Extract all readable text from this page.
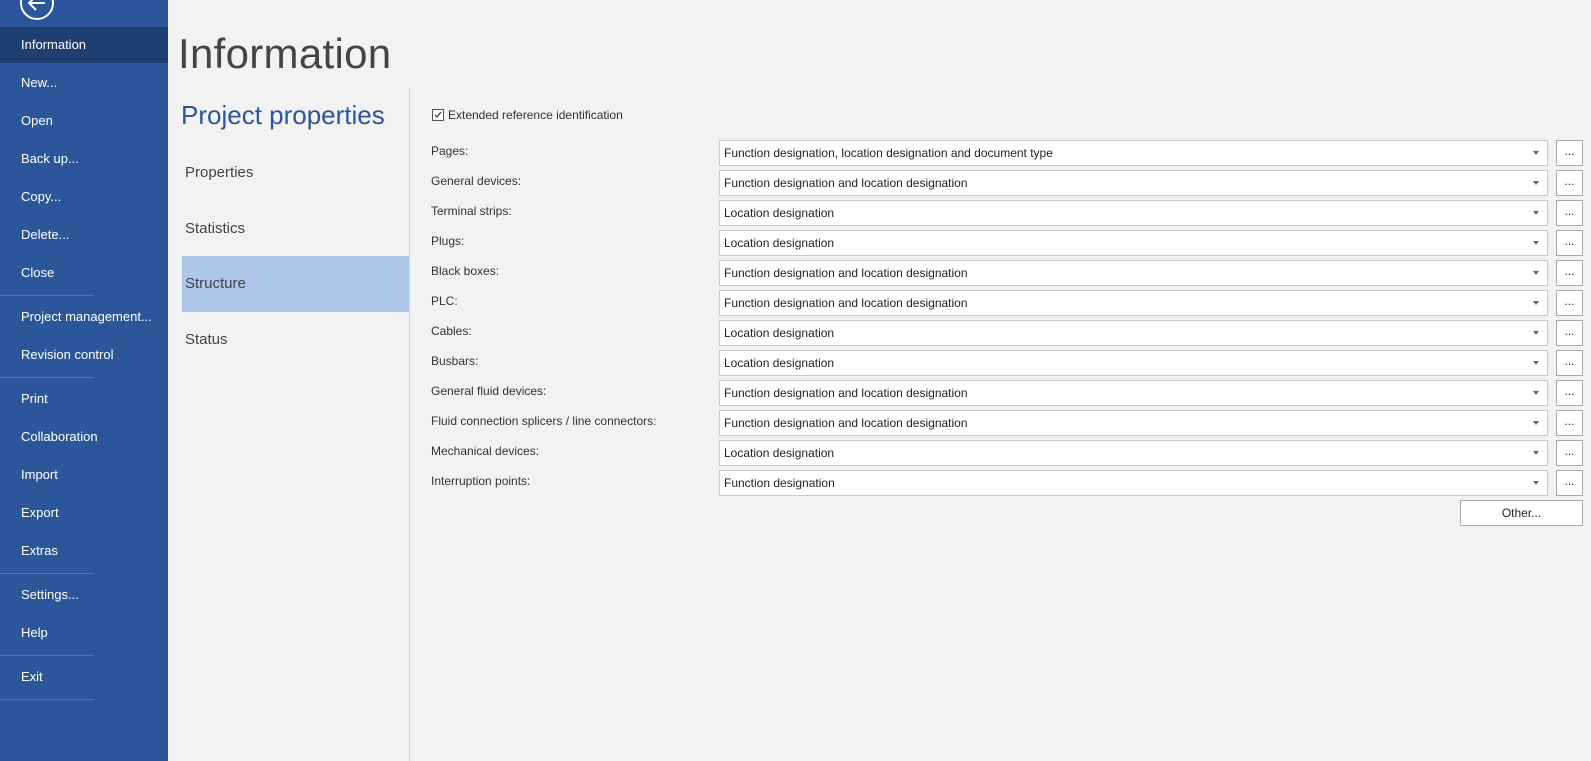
Information
New...
Open
Back up...
Copy...
Delete...
Close
Project management...
Revision control
Print
Collaboration
Import
Export
Extras
Settings...
Help
Exit
Information
Project properties
Properties
Statistics
Structure
Status
Extended reference identification
Pages:	Function designation, location designation and document type	...
General devices:	Function designation and location designation	...
Terminal strips:	Location designation	...
Plugs:	Location designation	...
Black boxes:	Function designation and location designation	...
PLC:	Function designation and location designation	...
Cables:	Location designation	...
Busbars:	Location designation	...
General fluid devices:	Function designation and location designation	...
Fluid connection splicers / line connectors:	Function designation and location designation	...
Mechanical devices:	Location designation	...
Interruption points:	Function designation	...
Other...
